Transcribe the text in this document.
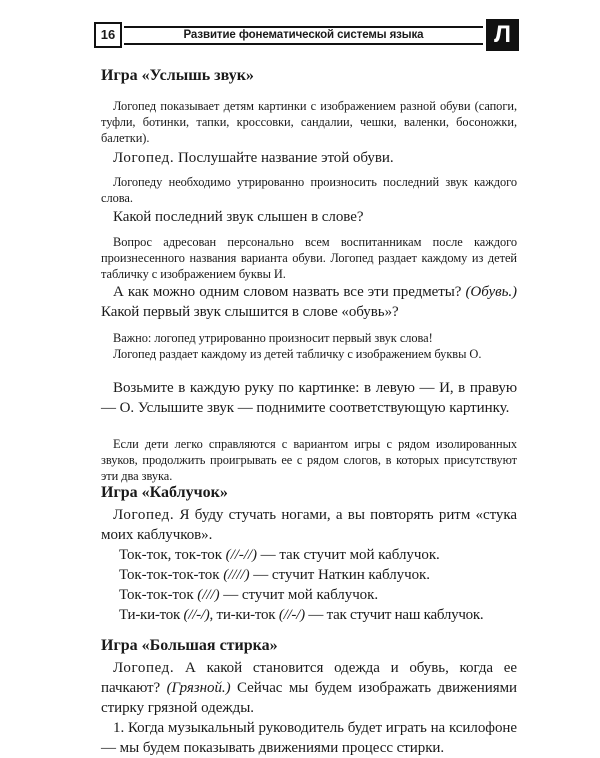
16	Развитие фонематической системы языка	Л

Игра «Услышь звук»

Логопед показывает детям картинки с изображением разной обуви (сапоги, туфли, ботинки, тапки, кроссовки, сандалии, чешки, валенки, босоножки, балетки).

Логопед. Послушайте название этой обуви.

Логопеду необходимо утрированно произносить последний звук каждого слова.

Какой последний звук слышен в слове?

Вопрос адресован персонально всем воспитанникам после каждого произнесенного названия варианта обуви. Логопед раздает каждому из детей табличку с изображением буквы И.

А как можно одним словом назвать все эти предметы? (Обувь.) Какой первый звук слышится в слове «обувь»?

Важно: логопед утрированно произносит первый звук слова!

Логопед раздает каждому из детей табличку с изображением буквы О.

Возьмите в каждую руку по картинке: в левую — И, в правую — О. Услышите звук — поднимите соответствующую картинку.

Если дети легко справляются с вариантом игры с рядом изолированных звуков, продолжить проигрывать ее с рядом слогов, в которых присутствуют эти два звука.

Игра «Каблучок»

Логопед. Я буду стучать ногами, а вы повторять ритм «стука моих каблучков».

Ток-ток, ток-ток (//-//) — так стучит мой каблучок.

Ток-ток-ток-ток (////) — стучит Наткин каблучок.

Ток-ток-ток (///) — стучит мой каблучок.

Ти-ки-ток (//-/), ти-ки-ток (//-/) — так стучит наш каблучок.

Игра «Большая стирка»

Логопед. А какой становится одежда и обувь, когда ее пачкают? (Грязной.) Сейчас мы будем изображать движениями стирку грязной одежды.

1. Когда музыкальный руководитель будет играть на ксилофоне — мы будем показывать движениями процесс стирки.
